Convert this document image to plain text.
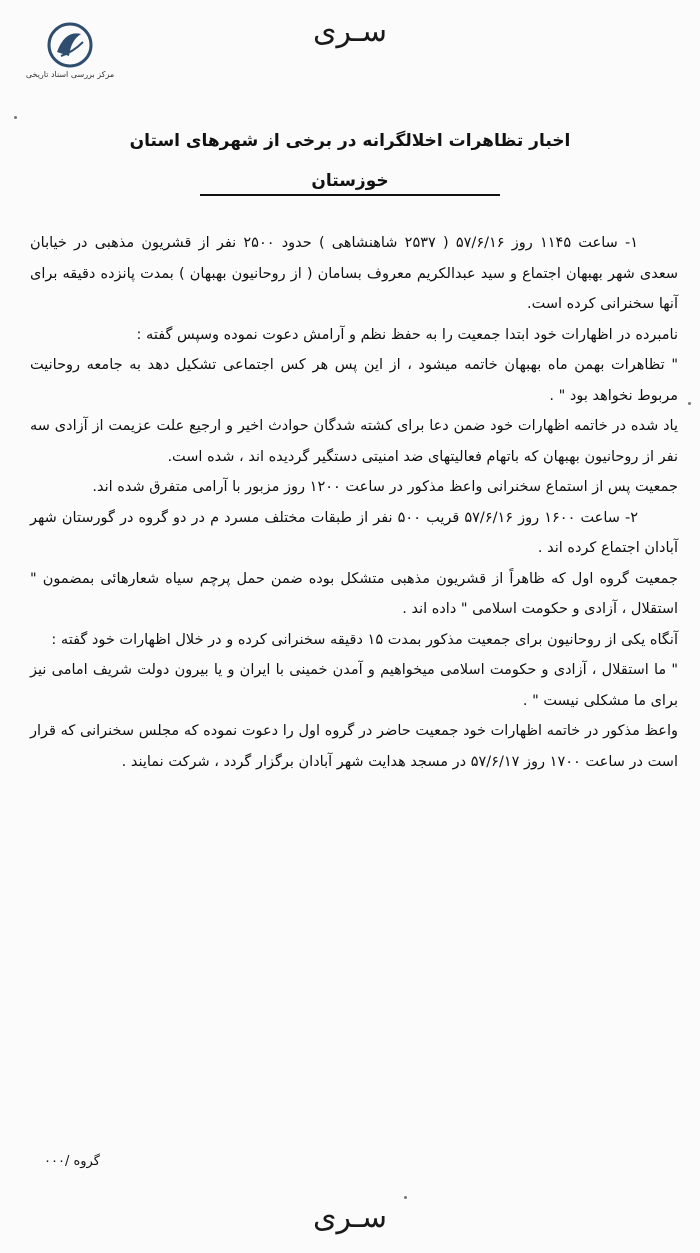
سـرى
مرکز بررسی اسناد تاریخی
اخبار تظاهرات اخلالگرانه در برخی از شهرهای استان
خوزستان

۱- ساعت ۱۱۴۵ روز ۵۷/۶/۱۶ ( ۲۵۳۷ شاهنشاهی ) حدود ۲۵۰۰ نفر از قشریون مذهبی در خیابان سعدی شهر بهبهان اجتماع و سید عبدالکریم معروف بسامان ( از روحانیون بهبهان ) بمدت پانزده دقیقه برای آنها سخنرانی کرده است.

نامبرده در اظهارات خود ابتدا جمعیت را به حفظ نظم و آرامش دعوت نموده وسپس گفته :

" تظاهرات بهمن ماه بهبهان خاتمه میشود ، از این پس هر کس اجتماعی تشکیل دهد به جامعه روحانیت مربوط نخواهد بود " .

یاد شده در خاتمه اظهارات خود ضمن دعا برای کشته شدگان حوادث اخیر و ارجیع علت عزیمت از آزادی سه نفر از روحانیون بهبهان که باتهام فعالیتهای ضد امنیتی دستگیر گردیده اند ، شده است.

جمعیت پس از استماع سخنرانی واعظ مذکور در ساعت ۱۲۰۰ روز مزبور با آرامی متفرق شده اند.

۲- ساعت ۱۶۰۰ روز ۵۷/۶/۱۶ قریب ۵۰۰ نفر از طبقات مختلف مسرد م در دو گروه در گورستان شهر آبادان اجتماع کرده اند .

جمعیت گروه اول که ظاهراً از قشریون مذهبی متشکل بوده ضمن حمل پرچم سیاه شعارهائی بمضمون " استقلال ، آزادی و حکومت اسلامی " داده اند .

آنگاه یکی از روحانیون برای جمعیت مذکور بمدت ۱۵ دقیقه سخنرانی کرده و در خلال اظهارات خود گفته :

" ما استقلال ، آزادی و حکومت اسلامی میخواهیم و آمدن خمینی با ایران و یا بیرون دولت شریف امامی نیز برای ما مشکلی نیست " .

واعظ مذکور در خاتمه اظهارات خود جمعیت حاضر در گروه اول را دعوت نموده که مجلس سخنرانی که قرار است در ساعت ۱۷۰۰ روز ۵۷/۶/۱۷ در مسجد هدایت شهر آبادان برگزار گردد ، شرکت نمایند .

گروه /۰۰۰
سـرى
